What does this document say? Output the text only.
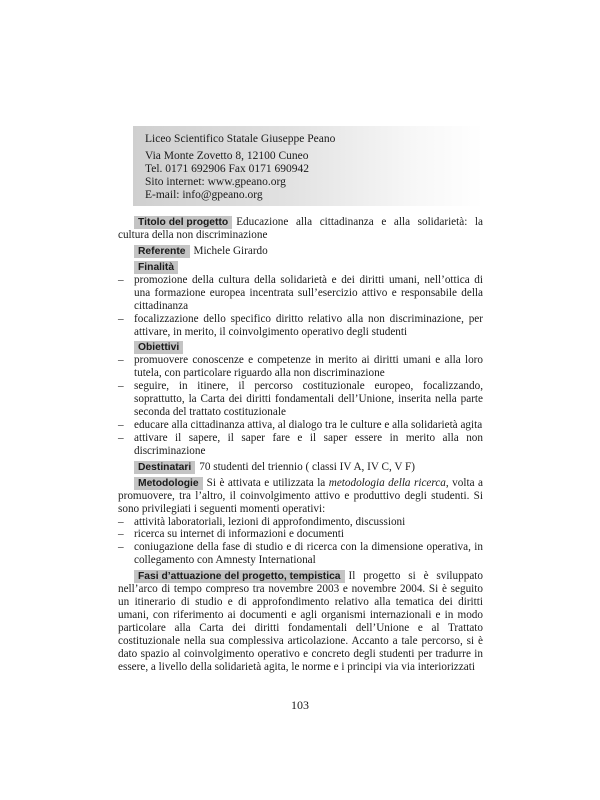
Liceo Scientifico Statale Giuseppe Peano
Via Monte Zovetto 8, 12100 Cuneo
Tel. 0171 692906 Fax 0171 690942
Sito internet: www.gpeano.org
E-mail: info@gpeano.org
Titolo del progetto Educazione alla cittadinanza e alla solidarietà: la cultura della non discriminazione
Referente Michele Girardo
Finalità
– promozione della cultura della solidarietà e dei diritti umani, nell’ottica di una formazione europea incentrata sull’esercizio attivo e responsabile della cittadinanza
– focalizzazione dello specifico diritto relativo alla non discriminazione, per attivare, in merito, il coinvolgimento operativo degli studenti
Obiettivi
– promuovere conoscenze e competenze in merito ai diritti umani e alla loro tutela, con particolare riguardo alla non discriminazione
– seguire, in itinere, il percorso costituzionale europeo, focalizzando, soprattutto, la Carta dei diritti fondamentali dell’Unione, inserita nella parte seconda del trattato costituzionale
– educare alla cittadinanza attiva, al dialogo tra le culture e alla solidarietà agita
– attivare il sapere, il saper fare e il saper essere in merito alla non discriminazione
Destinatari 70 studenti del triennio ( classi IV A, IV C, V F)
Metodologie Si è attivata e utilizzata la metodologia della ricerca, volta a promuovere, tra l’altro, il coinvolgimento attivo e produttivo degli studenti. Si sono privilegiati i seguenti momenti operativi:
– attività laboratoriali, lezioni di approfondimento, discussioni
– ricerca su internet di informazioni e documenti
– coniugazione della fase di studio e di ricerca con la dimensione operativa, in collegamento con Amnesty International
Fasi d’attuazione del progetto, tempistica Il progetto si è sviluppato nell’arco di tempo compreso tra novembre 2003 e novembre 2004. Si è seguito un itinerario di studio e di approfondimento relativo alla tematica dei diritti umani, con riferimento ai documenti e agli organismi internazionali e in modo particolare alla Carta dei diritti fondamentali dell’Unione e al Trattato costituzionale nella sua complessiva articolazione. Accanto a tale percorso, si è dato spazio al coinvolgimento operativo e concreto degli studenti per tradurre in essere, a livello della solidarietà agita, le norme e i principi via via interiorizzati
103
